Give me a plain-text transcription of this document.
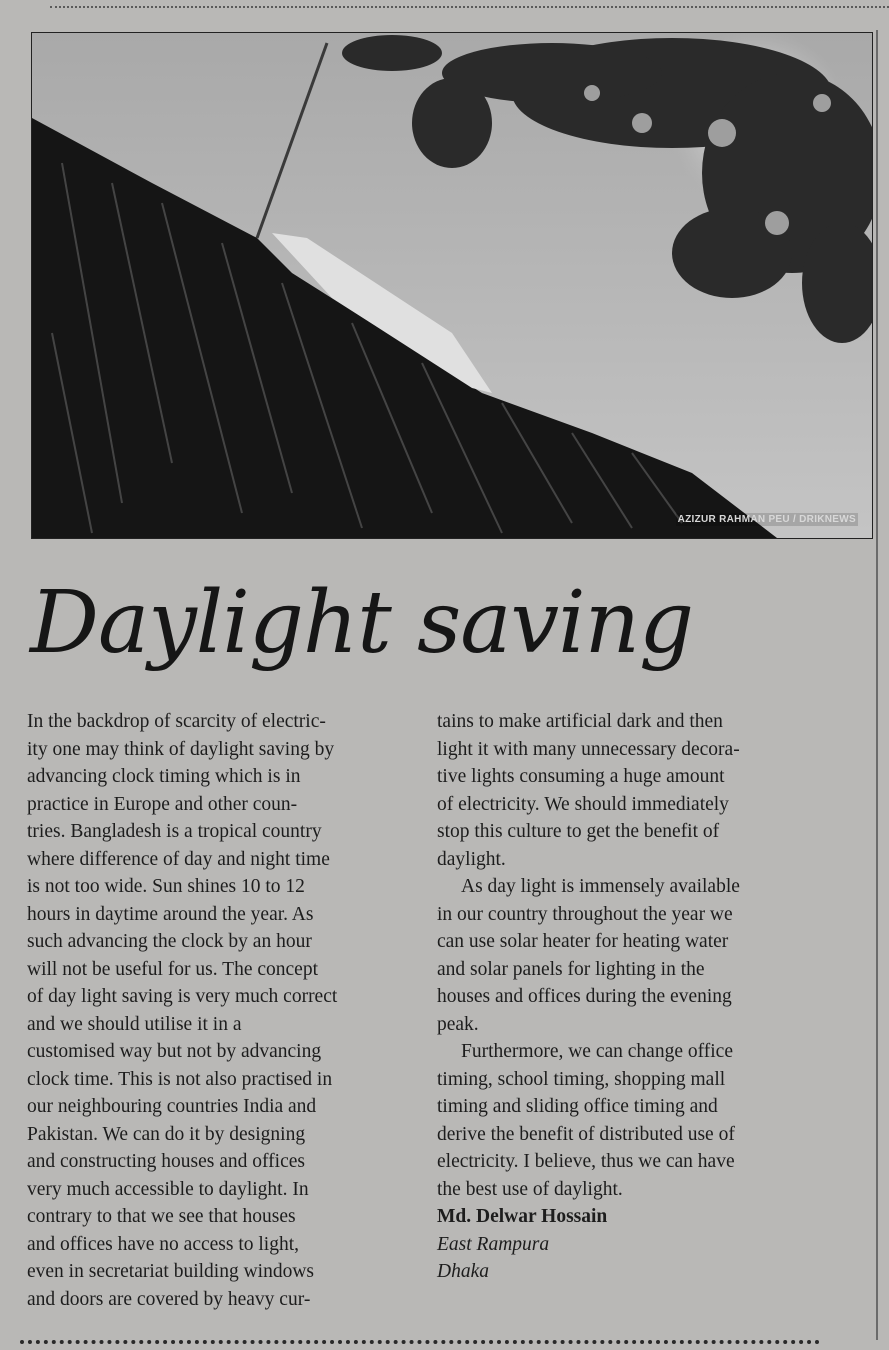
AZIZUR RAHMAN PEU / DRIKNEWS
Daylight saving

In the backdrop of scarcity of electric-
ity one may think of daylight saving by
advancing clock timing which is in
practice in Europe and other coun-
tries. Bangladesh is a tropical country
where difference of day and night time
is not too wide. Sun shines 10 to 12
hours in daytime around the year. As
such advancing the clock by an hour
will not be useful for us. The concept
of day light saving is very much correct
and we should utilise it in a
customised way but not by advancing
clock time. This is not also practised in
our neighbouring countries India and
Pakistan. We can do it by designing
and constructing houses and offices
very much accessible to daylight. In
contrary to that we see that houses
and offices have no access to light,
even in secretariat building windows
and doors are covered by heavy cur-

tains to make artificial dark and then
light it with many unnecessary decora-
tive lights consuming a huge amount
of electricity. We should immediately
stop this culture to get the benefit of
daylight.

As day light is immensely available
in our country throughout the year we
can use solar heater for heating water
and solar panels for lighting in the
houses and offices during the evening
peak.

Furthermore, we can change office
timing, school timing, shopping mall
timing and sliding office timing and
derive the benefit of distributed use of
electricity. I believe, thus we can have
the best use of daylight.

Md. Delwar Hossain
East Rampura
Dhaka
